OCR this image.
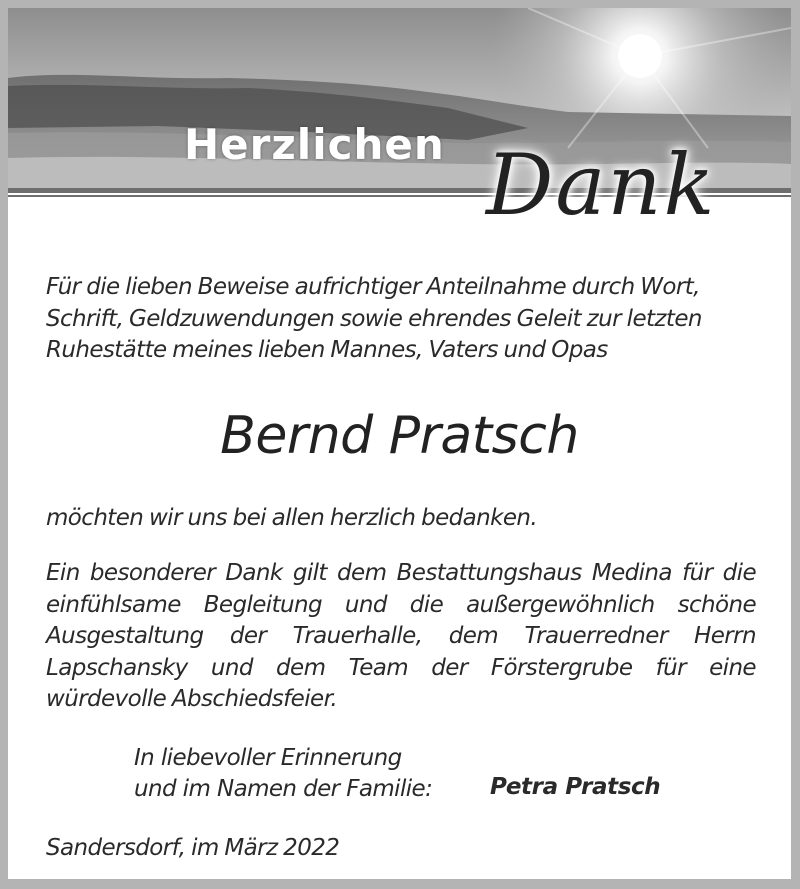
Herzlichen Dank
Für die lieben Beweise aufrichtiger Anteilnahme durch Wort, Schrift, Geldzuwendungen sowie ehrendes Geleit zur letzten Ruhestätte meines lieben Mannes, Vaters und Opas
Bernd Pratsch
möchten wir uns bei allen herzlich bedanken.
Ein besonderer Dank gilt dem Bestattungshaus Medina für die einfühlsame Begleitung und die außergewöhnlich schöne Ausgestaltung der Trauerhalle, dem Trauerredner Herrn Lapschansky und dem Team der Förstergrube für eine würdevolle Abschiedsfeier.
In liebevoller Erinnerung
und im Namen der Familie:	Petra Pratsch
Sandersdorf, im März 2022
